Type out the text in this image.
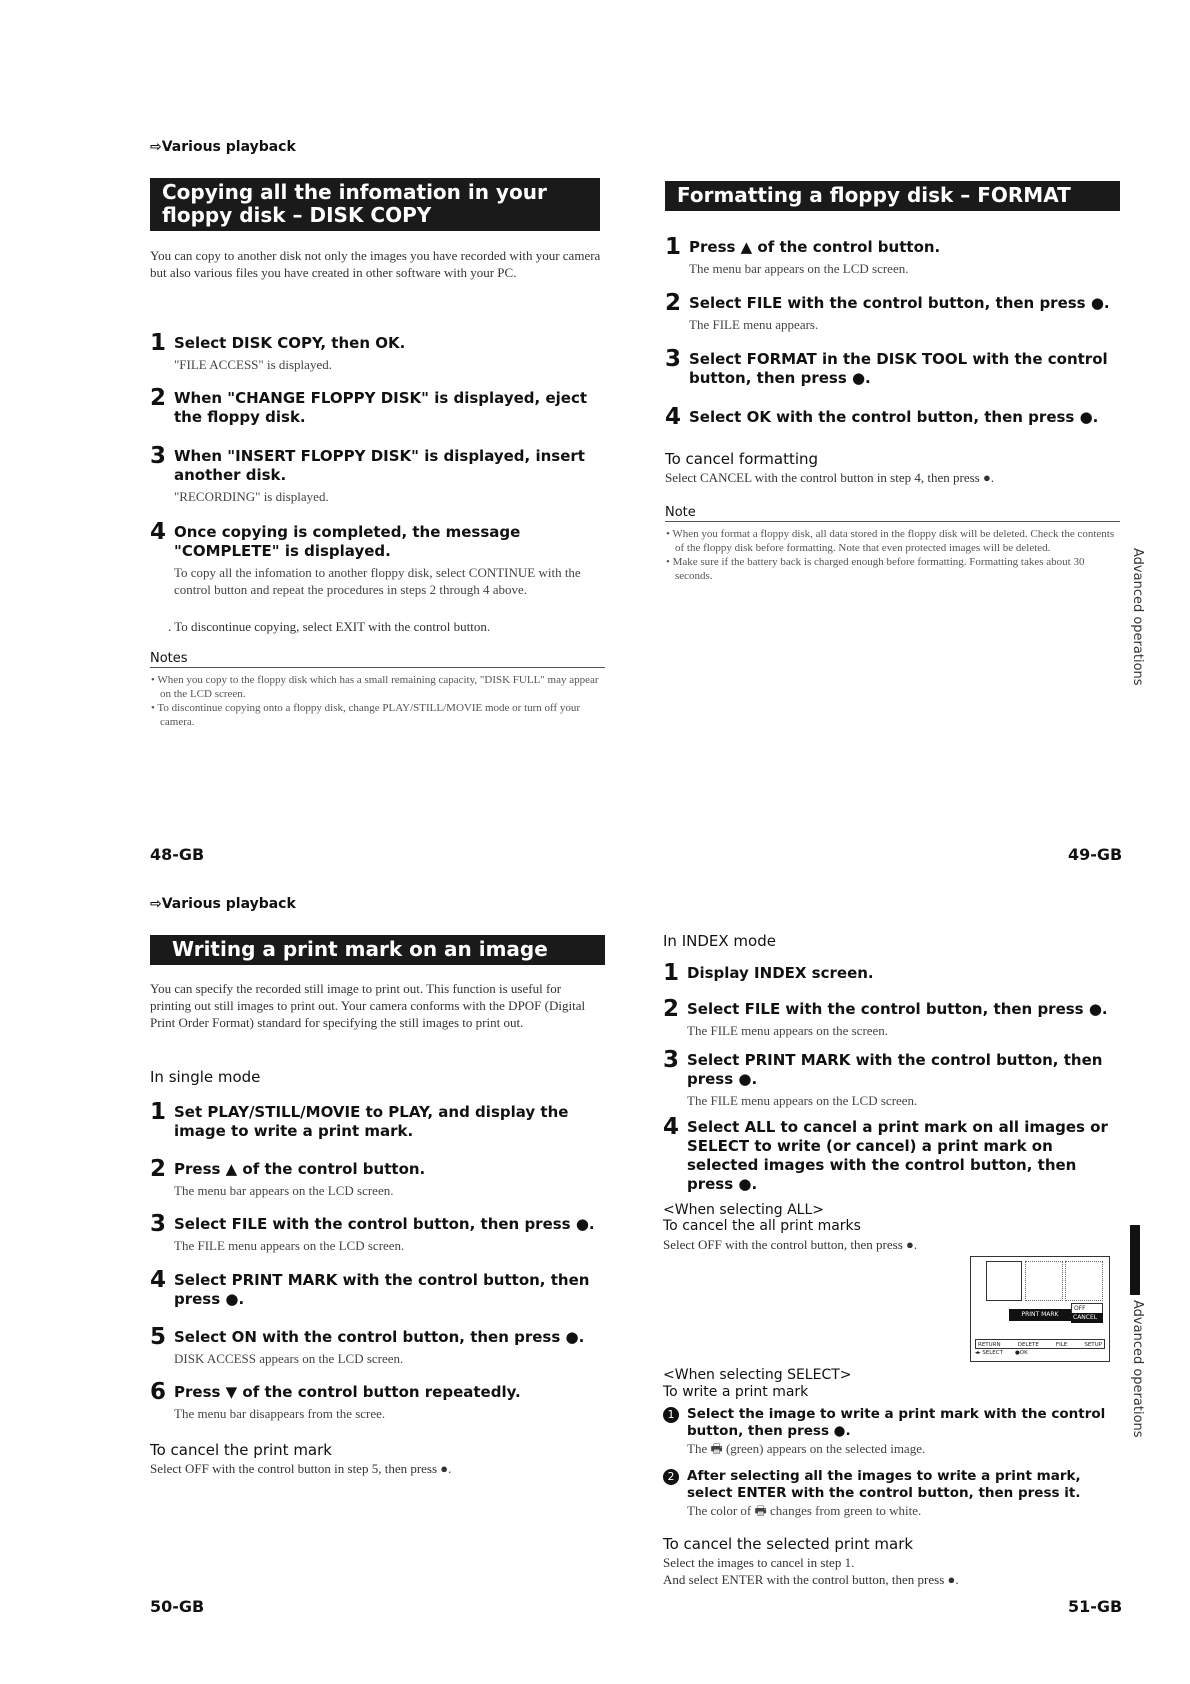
⇨Various playback
Copying all the infomation in your
floppy disk – DISK COPY
You can copy to another disk not only the images you have recorded with your camera but also various files you have created in other software with your PC.
1 Select DISK COPY, then OK.
"FILE ACCESS" is displayed.
2 When "CHANGE FLOPPY DISK" is displayed, eject the floppy disk.
3 When "INSERT FLOPPY DISK" is displayed, insert another disk.
"RECORDING" is displayed.
4 Once copying is completed, the message "COMPLETE" is displayed.
To copy all the infomation to another floppy disk, select CONTINUE with the control button and repeat the procedures in steps 2 through 4 above.
. To discontinue copying, select EXIT with the control button.
Notes
• When you copy to the floppy disk which has a small remaining capacity, "DISK FULL" may appear on the LCD screen.
• To discontinue copying onto a floppy disk, change PLAY/STILL/MOVIE mode or turn off your camera.
48-GB
Formatting a floppy disk – FORMAT
1 Press ▲ of the control button.
The menu bar appears on the LCD screen.
2 Select FILE with the control button, then press ●.
The FILE menu appears.
3 Select FORMAT in the DISK TOOL with the control button, then press ●.
4 Select OK with the control button, then press ●.
To cancel formatting
Select CANCEL with the control button in step 4, then press ●.
Note
• When you format a floppy disk, all data stored in the floppy disk will be deleted. Check the contents of the floppy disk before formatting. Note that even protected images will be deleted.
• Make sure if the battery back is charged enough before formatting. Formatting takes about 30 seconds.	Advanced operations
49-GB
⇨Various playback
Writing a print mark on an image
You can specify the recorded still image to print out. This function is useful for printing out still images to print out. Your camera conforms with the DPOF (Digital Print Order Format) standard for specifying the still images to print out.
In single mode
1 Set PLAY/STILL/MOVIE to PLAY, and display the image to write a print mark.
2 Press ▲ of the control button.
The menu bar appears on the LCD screen.
3 Select FILE with the control button, then press ●.
The FILE menu appears on the LCD screen.
4 Select PRINT MARK with the control button, then press ●.
5 Select ON with the control button, then press ●.
DISK ACCESS appears on the LCD screen.
6 Press ▼ of the control button repeatedly.
The menu bar disappears from the scree.
To cancel the print mark
Select OFF with the control button in step 5, then press ●.
50-GB
In INDEX mode
1 Display INDEX screen.
2 Select FILE with the control button, then press ●.
The FILE menu appears on the screen.
3 Select PRINT MARK with the control button, then press ●.
The FILE menu appears on the LCD screen.
4 Select ALL to cancel a print mark on all images or SELECT to write (or cancel) a print mark on selected images with the control button, then press ●.
<When selecting ALL>
To cancel the all print marks
Select OFF with the control button, then press ●.
PRINT MARK
OFF
CANCEL
RETURN	DELETE	FILE	SETUP
◂▸ SELECT ●OK
<When selecting SELECT>
To write a print mark
1 Select the image to write a print mark with the control button, then press ●.
The 🖶 (green) appears on the selected image.
2 After selecting all the images to write a print mark, select ENTER with the control button, then press it.
The color of 🖶 changes from green to white.
To cancel the selected print mark
Select the images to cancel in step 1.
And select ENTER with the control button, then press ●.
Advanced operations
51-GB
